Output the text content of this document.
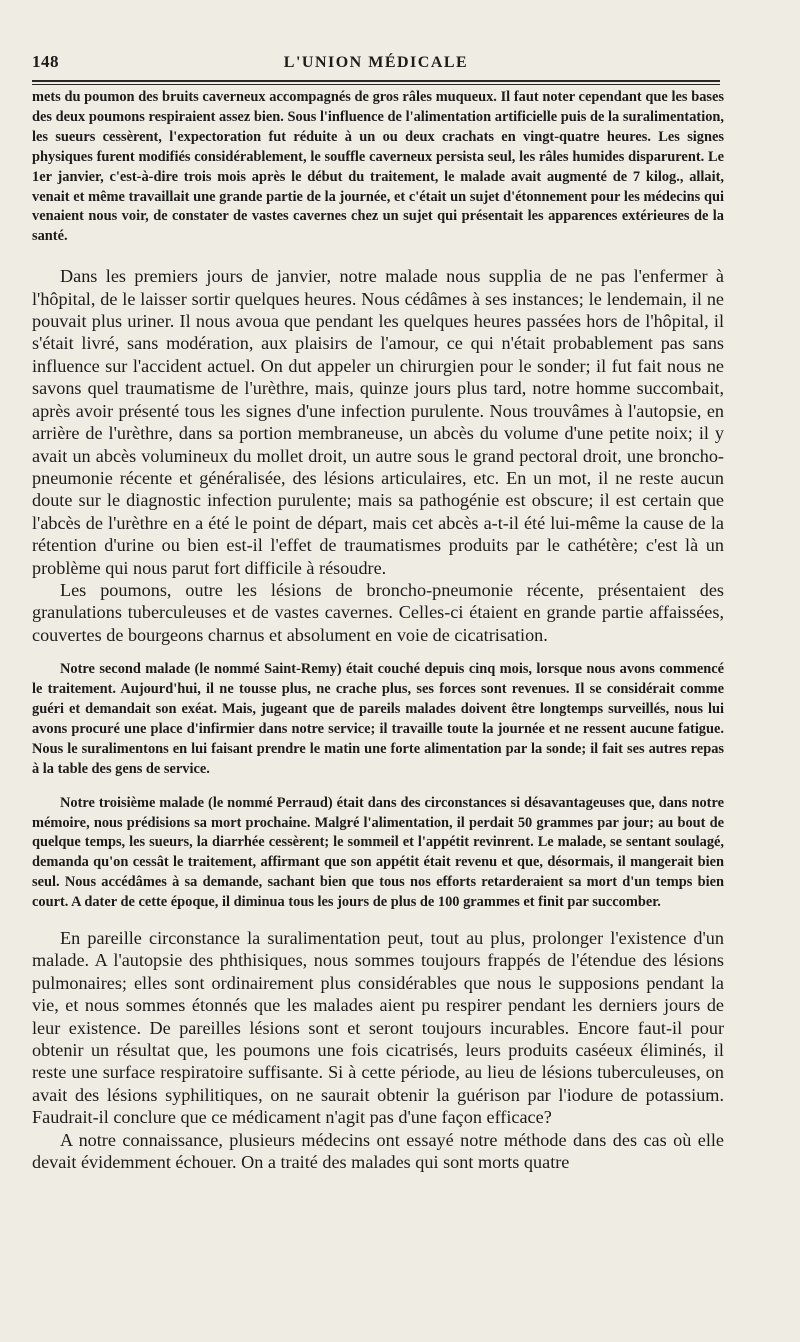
148	L'UNION MÉDICALE

mets du poumon des bruits caverneux accompagnés de gros râles muqueux. Il faut noter cependant que les bases des deux poumons respiraient assez bien. Sous l'influence de l'alimentation artificielle puis de la suralimentation, les sueurs cessèrent, l'expectoration fut réduite à un ou deux crachats en vingt-quatre heures. Les signes physiques furent modifiés considérablement, le souffle caverneux persista seul, les râles humides disparurent. Le 1er janvier, c'est-à-dire trois mois après le début du traitement, le malade avait augmenté de 7 kilog., allait, venait et même travaillait une grande partie de la journée, et c'était un sujet d'étonnement pour les médecins qui venaient nous voir, de constater de vastes cavernes chez un sujet qui présentait les apparences extérieures de la santé.

Dans les premiers jours de janvier, notre malade nous supplia de ne pas l'enfermer à l'hôpital, de le laisser sortir quelques heures. Nous cédâmes à ses instances; le lendemain, il ne pouvait plus uriner. Il nous avoua que pendant les quelques heures passées hors de l'hôpital, il s'était livré, sans modération, aux plaisirs de l'amour, ce qui n'était probablement pas sans influence sur l'accident actuel. On dut appeler un chirurgien pour le sonder; il fut fait nous ne savons quel traumatisme de l'urèthre, mais, quinze jours plus tard, notre homme succombait, après avoir présenté tous les signes d'une infection purulente. Nous trouvâmes à l'autopsie, en arrière de l'urèthre, dans sa portion membraneuse, un abcès du volume d'une petite noix; il y avait un abcès volumineux du mollet droit, un autre sous le grand pectoral droit, une broncho-pneumonie récente et généralisée, des lésions articulaires, etc. En un mot, il ne reste aucun doute sur le diagnostic infection purulente; mais sa pathogénie est obscure; il est certain que l'abcès de l'urèthre en a été le point de départ, mais cet abcès a-t-il été lui-même la cause de la rétention d'urine ou bien est-il l'effet de traumatismes produits par le cathétère; c'est là un problème qui nous parut fort difficile à résoudre.

Les poumons, outre les lésions de broncho-pneumonie récente, présentaient des granulations tuberculeuses et de vastes cavernes. Celles-ci étaient en grande partie affaissées, couvertes de bourgeons charnus et absolument en voie de cicatrisation.

Notre second malade (le nommé Saint-Remy) était couché depuis cinq mois, lorsque nous avons commencé le traitement. Aujourd'hui, il ne tousse plus, ne crache plus, ses forces sont revenues. Il se considérait comme guéri et demandait son exéat. Mais, jugeant que de pareils malades doivent être longtemps surveillés, nous lui avons procuré une place d'infirmier dans notre service; il travaille toute la journée et ne ressent aucune fatigue. Nous le suralimentons en lui faisant prendre le matin une forte alimentation par la sonde; il fait ses autres repas à la table des gens de service.

Notre troisième malade (le nommé Perraud) était dans des circonstances si désavantageuses que, dans notre mémoire, nous prédisions sa mort prochaine. Malgré l'alimentation, il perdait 50 grammes par jour; au bout de quelque temps, les sueurs, la diarrhée cessèrent; le sommeil et l'appétit revinrent. Le malade, se sentant soulagé, demanda qu'on cessât le traitement, affirmant que son appétit était revenu et que, désormais, il mangerait bien seul. Nous accédâmes à sa demande, sachant bien que tous nos efforts retarderaient sa mort d'un temps bien court. A dater de cette époque, il diminua tous les jours de plus de 100 grammes et finit par succomber.

En pareille circonstance la suralimentation peut, tout au plus, prolonger l'existence d'un malade. A l'autopsie des phthisiques, nous sommes toujours frappés de l'étendue des lésions pulmonaires; elles sont ordinairement plus considérables que nous le supposions pendant la vie, et nous sommes étonnés que les malades aient pu respirer pendant les derniers jours de leur existence. De pareilles lésions sont et seront toujours incurables. Encore faut-il pour obtenir un résultat que, les poumons une fois cicatrisés, leurs produits caséeux éliminés, il reste une surface respiratoire suffisante. Si à cette période, au lieu de lésions tuberculeuses, on avait des lésions syphilitiques, on ne saurait obtenir la guérison par l'iodure de potassium. Faudrait-il conclure que ce médicament n'agit pas d'une façon efficace?

A notre connaissance, plusieurs médecins ont essayé notre méthode dans des cas où elle devait évidemment échouer. On a traité des malades qui sont morts quatre
